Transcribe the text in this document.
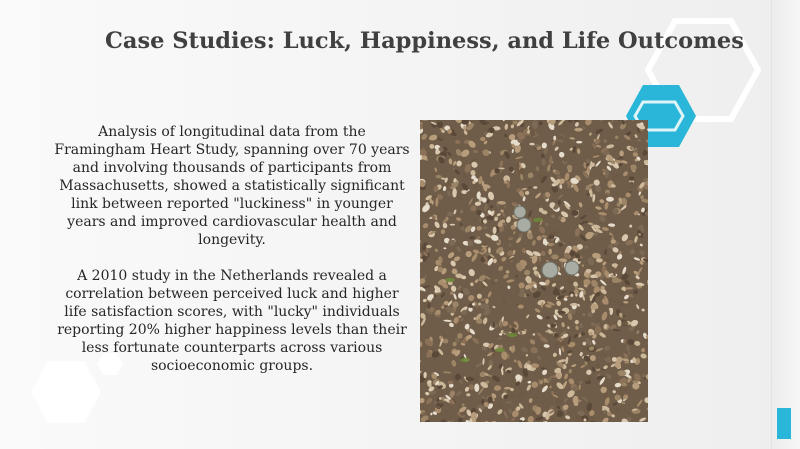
Case Studies: Luck, Happiness, and Life Outcomes

Analysis of longitudinal data from the Framingham Heart Study, spanning over 70 years and involving thousands of participants from Massachusetts, showed a statistically significant link between reported "luckiness" in younger years and improved cardiovascular health and longevity.

A 2010 study in the Netherlands revealed a correlation between perceived luck and higher life satisfaction scores, with "lucky" individuals reporting 20% higher happiness levels than their less fortunate counterparts across various socioeconomic groups.
